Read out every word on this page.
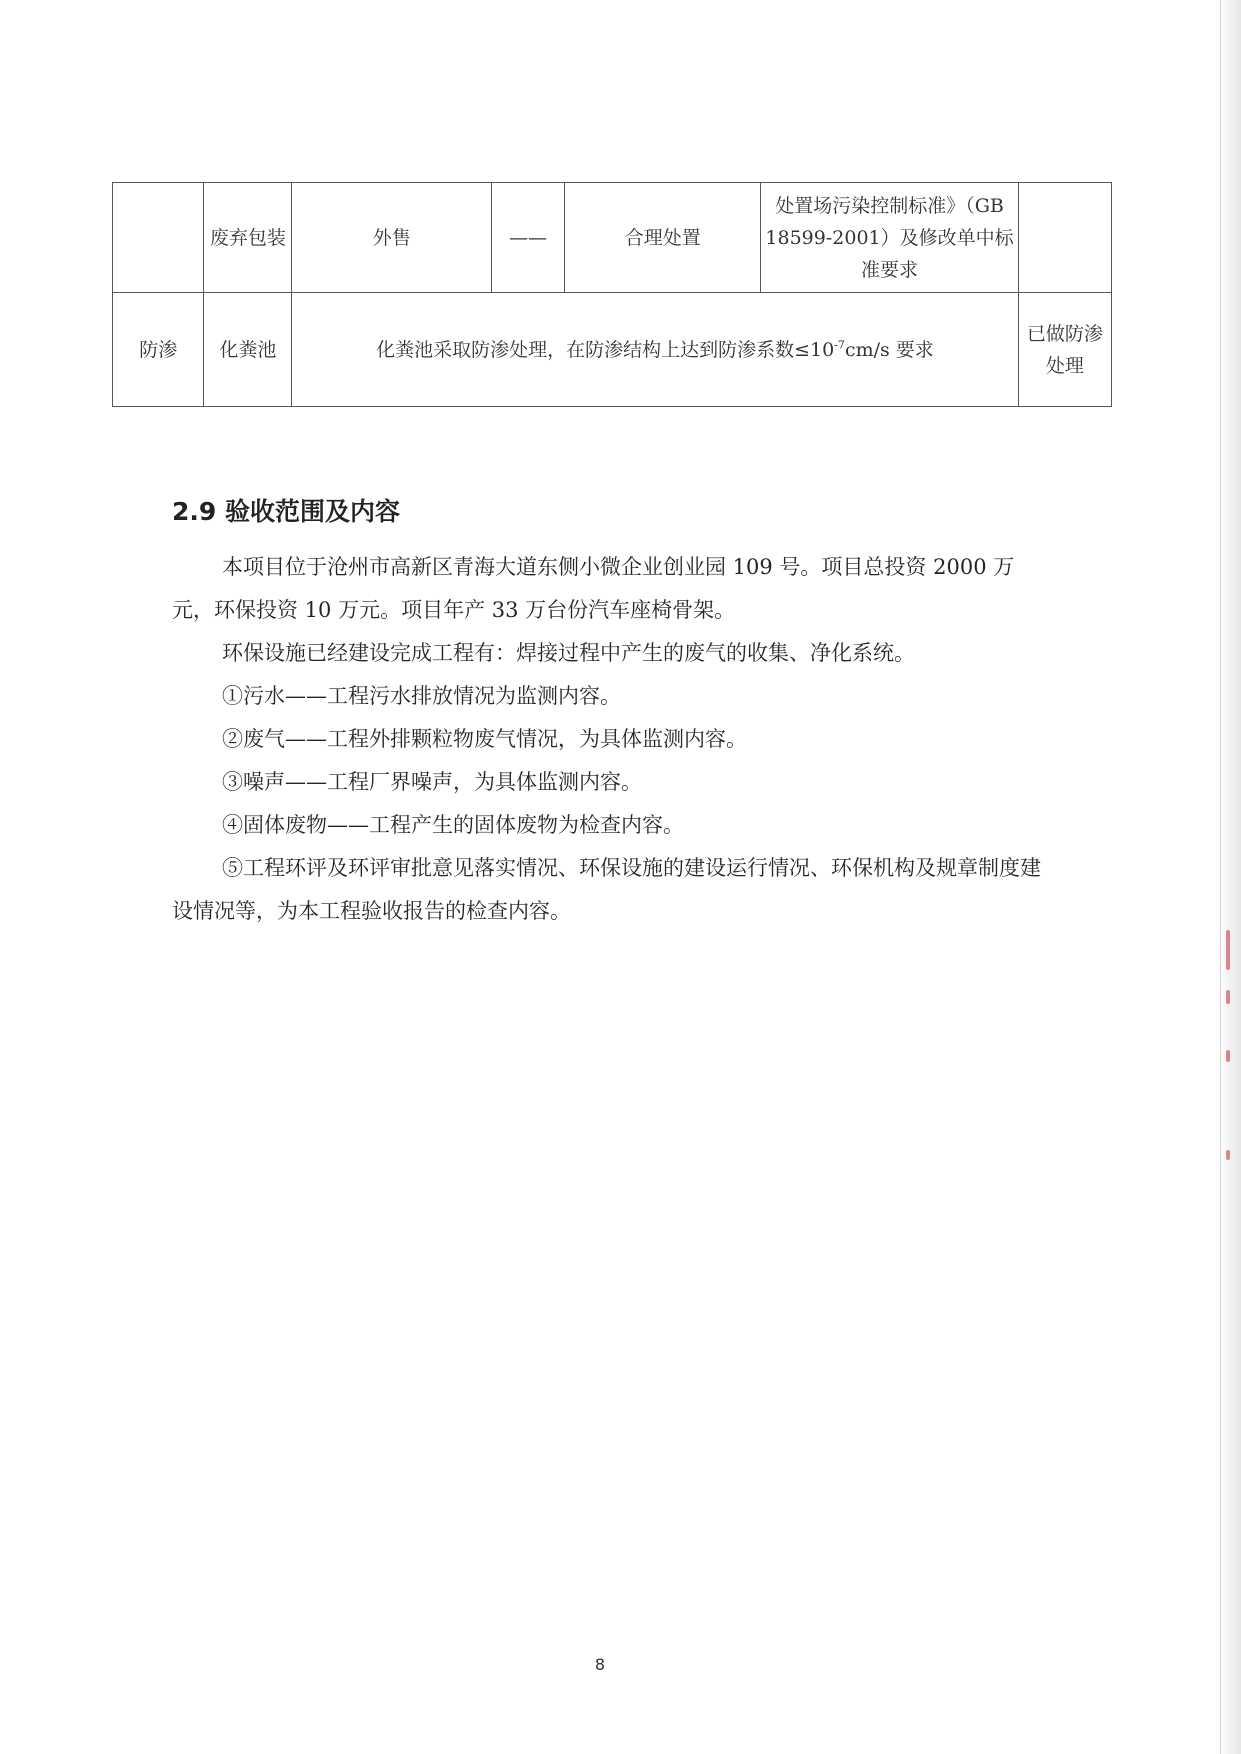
	废弃包装	外售	——	合理处置	处置场污染控制标准》（GB 18599-2001）及修改单中标准要求	
防渗	化粪池	化粪池采取防渗处理，在防渗结构上达到防渗系数$\le 10^{-7}cm/s$ 要求				已做防渗处理
2.9 验收范围及内容

本项目位于沧州市高新区青海大道东侧小微企业创业园 109 号。项目总投资 2000 万元，环保投资 10 万元。项目年产 33 万台份汽车座椅骨架。

环保设施已经建设完成工程有：焊接过程中产生的废气的收集、净化系统。

①污水——工程污水排放情况为监测内容。

②废气——工程外排颗粒物废气情况，为具体监测内容。

③噪声——工程厂界噪声，为具体监测内容。

④固体废物——工程产生的固体废物为检查内容。

⑤工程环评及环评审批意见落实情况、环保设施的建设运行情况、环保机构及规章制度建设情况等，为本工程验收报告的检查内容。

8
